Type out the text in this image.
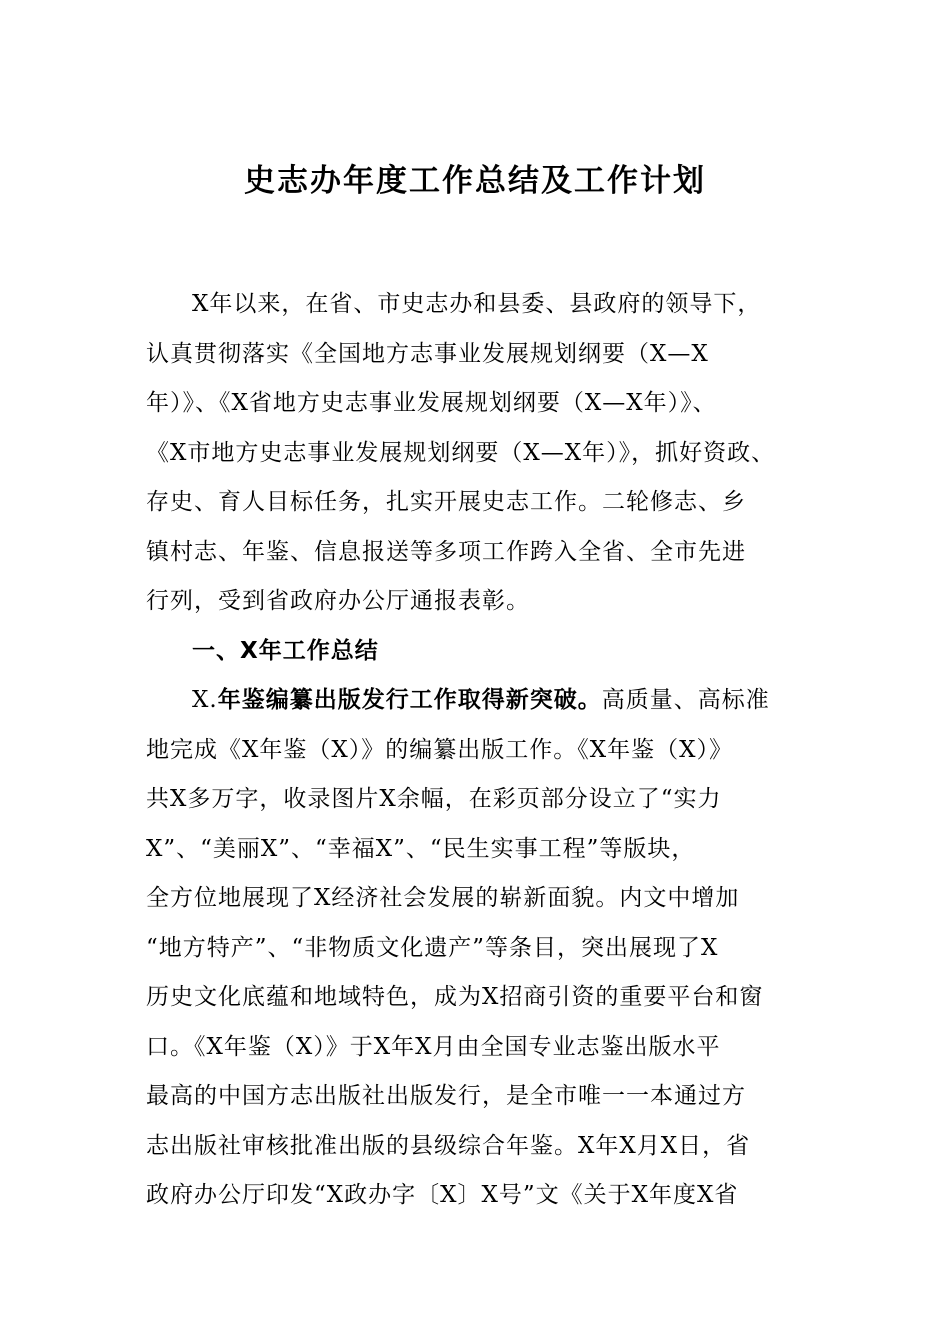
史志办年度工作总结及工作计划
X年以来，在省、市史志办和县委、县政府的领导下，
认真贯彻落实《全国地方志事业发展规划纲要（X—X
年）》、《X省地方史志事业发展规划纲要（X—X年）》、
《X市地方史志事业发展规划纲要（X—X年）》，抓好资政、
存史、育人目标任务，扎实开展史志工作。二轮修志、乡
镇村志、年鉴、信息报送等多项工作跨入全省、全市先进
行列，受到省政府办公厅通报表彰。
一、X年工作总结
X.年鉴编纂出版发行工作取得新突破。高质量、高标准
地完成《X年鉴（X）》的编纂出版工作。《X年鉴（X）》
共X多万字，收录图片X余幅，在彩页部分设立了“实力
X”、“美丽X”、“幸福X”、“民生实事工程”等版块，
全方位地展现了X经济社会发展的崭新面貌。内文中增加
“地方特产”、“非物质文化遗产”等条目，突出展现了X
历史文化底蕴和地域特色，成为X招商引资的重要平台和窗
口。《X年鉴（X）》于X年X月由全国专业志鉴出版水平
最高的中国方志出版社出版发行，是全市唯一一本通过方
志出版社审核批准出版的县级综合年鉴。X年X月X日，省
政府办公厅印发“X政办字〔X〕X号”文《关于X年度X省
